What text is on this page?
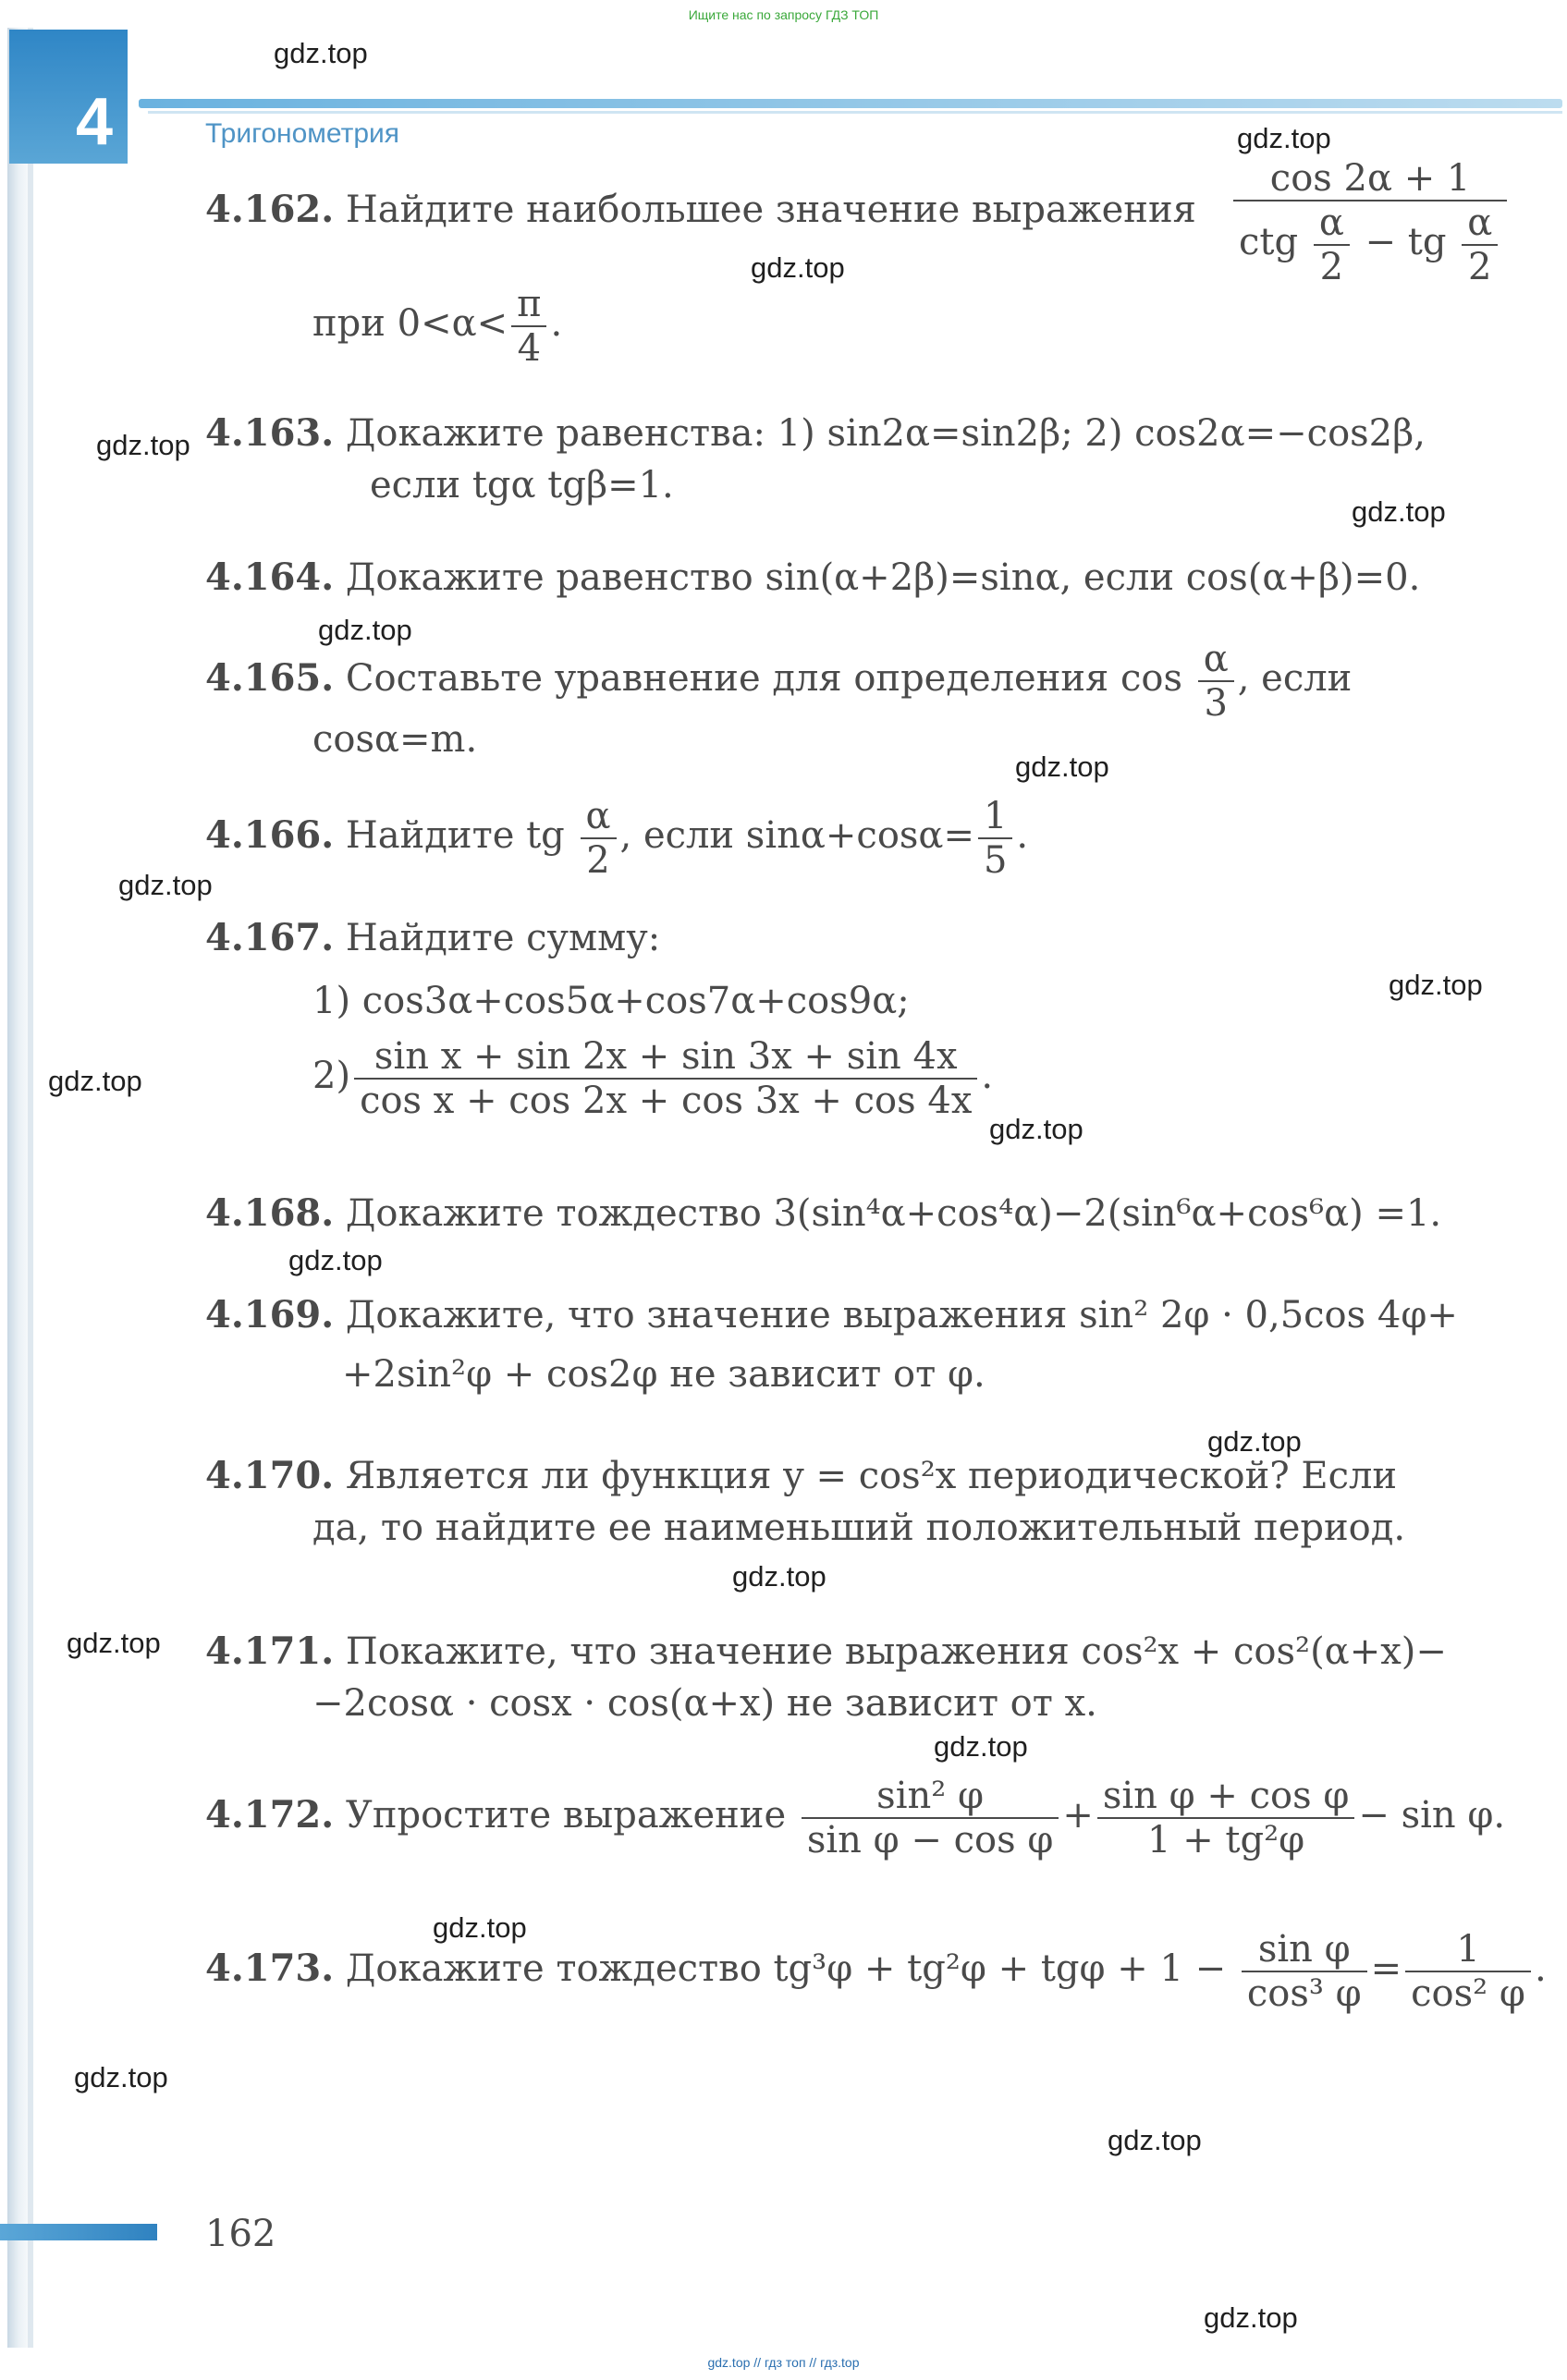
Ищите нас по запросу ГДЗ ТОП
4	Тригонометрия
4.162. Найдите наибольшее значение выражения $\frac{\cos 2\alpha + 1}{ctg \frac{\alpha}{2} - tg \frac{\alpha}{2}}$
при $0<\alpha< \frac{\pi}{4}$ .
4.163. Докажите равенства: 1) sin2α=sin2β; 2) cos2α=−cos2β,
если tgα tgβ=1.
4.164. Докажите равенство sin(α+2β)=sinα, если cos(α+β)=0.
4.165. Составьте уравнение для определения $\cos \frac{\alpha}{3}$ , если
cosα=m.
4.166. Найдите tg $\frac{\alpha}{2}$ , если $\sin\alpha+\cos\alpha= \frac{1}{5}$ .
4.167. Найдите сумму:
1) cos3α+cos5α+cos7α+cos9α;
$2) \frac{\text{sin x + sin 2x + sin 3x + sin 4x}}{\text{cos x + cos 2x + cos 3x + cos 4x}}$ .
4.168. Докажите тождество 3(sin⁴α+cos⁴α)−2(sin⁶α+cos⁶α) =1.
4.169. Докажите, что значение выражения sin² 2φ · 0,5cos 4φ+
+2sin²φ + cos2φ не зависит от φ.
4.170. Является ли функция y = cos²x периодической? Если
да, то найдите ее наименьший положительный период.
4.171. Покажите, что значение выражения cos²x + cos²(α+x)−
−2cosα · cosx · cos(α+x) не зависит от x.
4.172. Упростите выражение $\frac{\text{sin² φ}}{\text{sin φ − cos φ}} + \frac{\text{sin φ + cos φ}}{\text{1 + tg²φ}} - \sin \varphi$.
4.173. Докажите тождество $tg^3\varphi + tg^2\varphi + tg\varphi + 1 - \frac{\text{sin φ}}{\text{cos³ φ}} = \frac{1}{\text{cos² φ}}$ .
162
gdz.top // гдз топ // гдз.top
gdz.top
gdz.top
gdz.top
gdz.top
gdz.top
gdz.top
gdz.top
gdz.top
gdz.top
gdz.top
gdz.top
gdz.top
gdz.top
gdz.top
gdz.top
gdz.top
gdz.top
gdz.top
gdz.top
gdz.top
